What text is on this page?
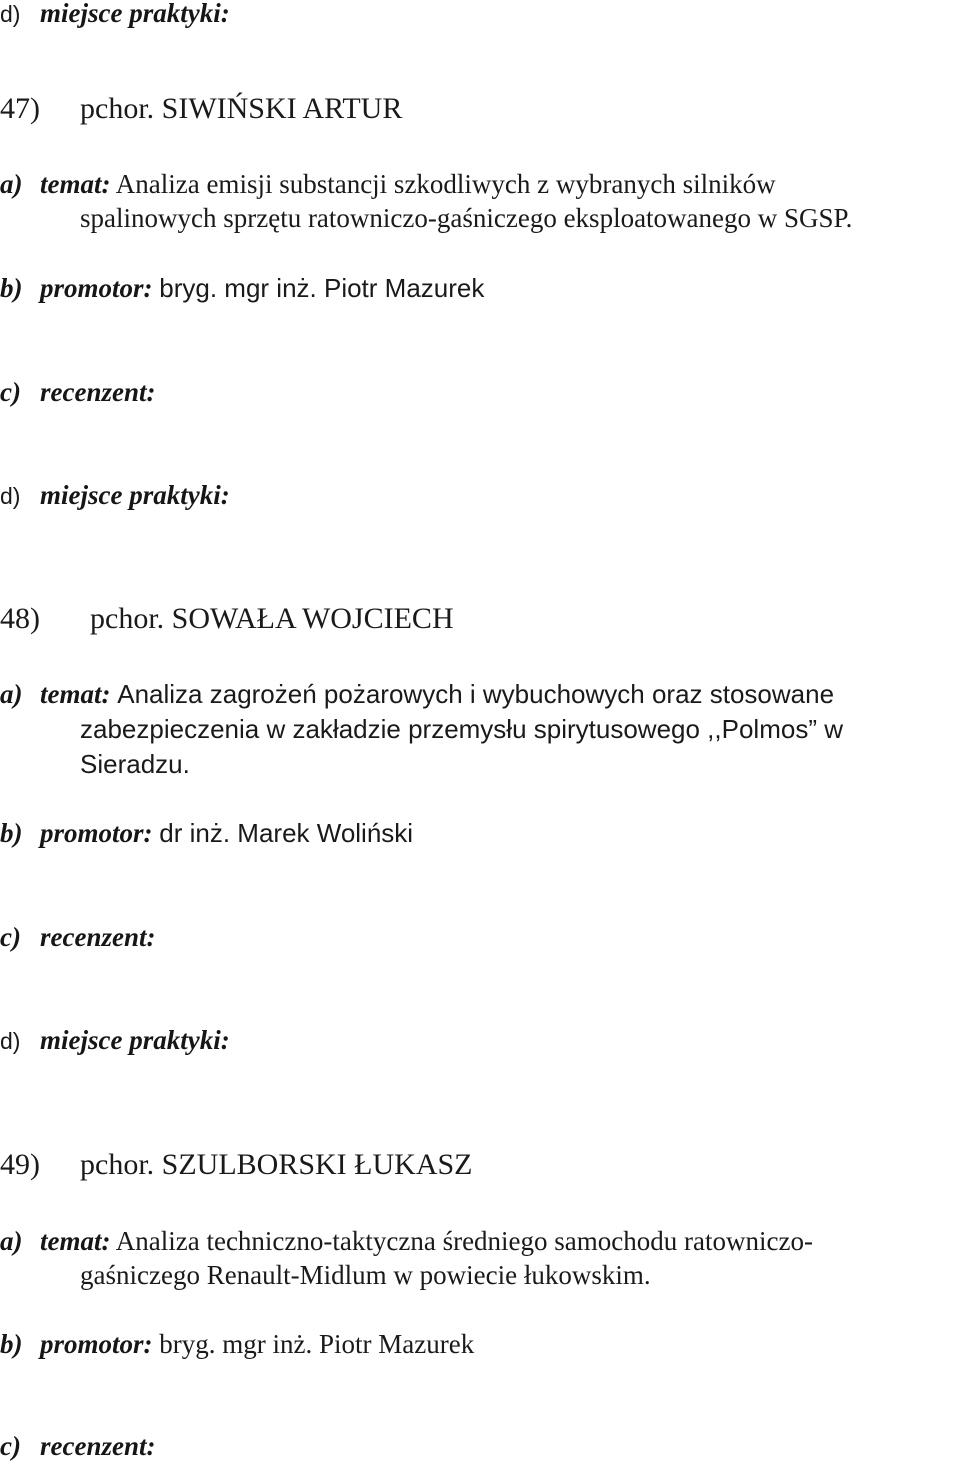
d) miejsce praktyki:
47) pchor. SIWIŃSKI ARTUR
a) temat: Analiza emisji substancji szkodliwych z wybranych silników
spalinowych sprzętu ratowniczo-gaśniczego eksploatowanego w SGSP.
b) promotor: bryg. mgr inż. Piotr Mazurek
c) recenzent:
d) miejsce praktyki:
48) pchor. SOWAŁA WOJCIECH
a) temat: Analiza zagrożeń pożarowych i wybuchowych oraz stosowane
zabezpieczenia w zakładzie przemysłu spirytusowego ,,Polmos” w
Sieradzu.
b) promotor: dr inż. Marek Woliński
c) recenzent:
d) miejsce praktyki:
49) pchor. SZULBORSKI ŁUKASZ
a) temat: Analiza techniczno-taktyczna średniego samochodu ratowniczo-
gaśniczego Renault-Midlum w powiecie łukowskim.
b) promotor: bryg. mgr inż. Piotr Mazurek
c) recenzent:
